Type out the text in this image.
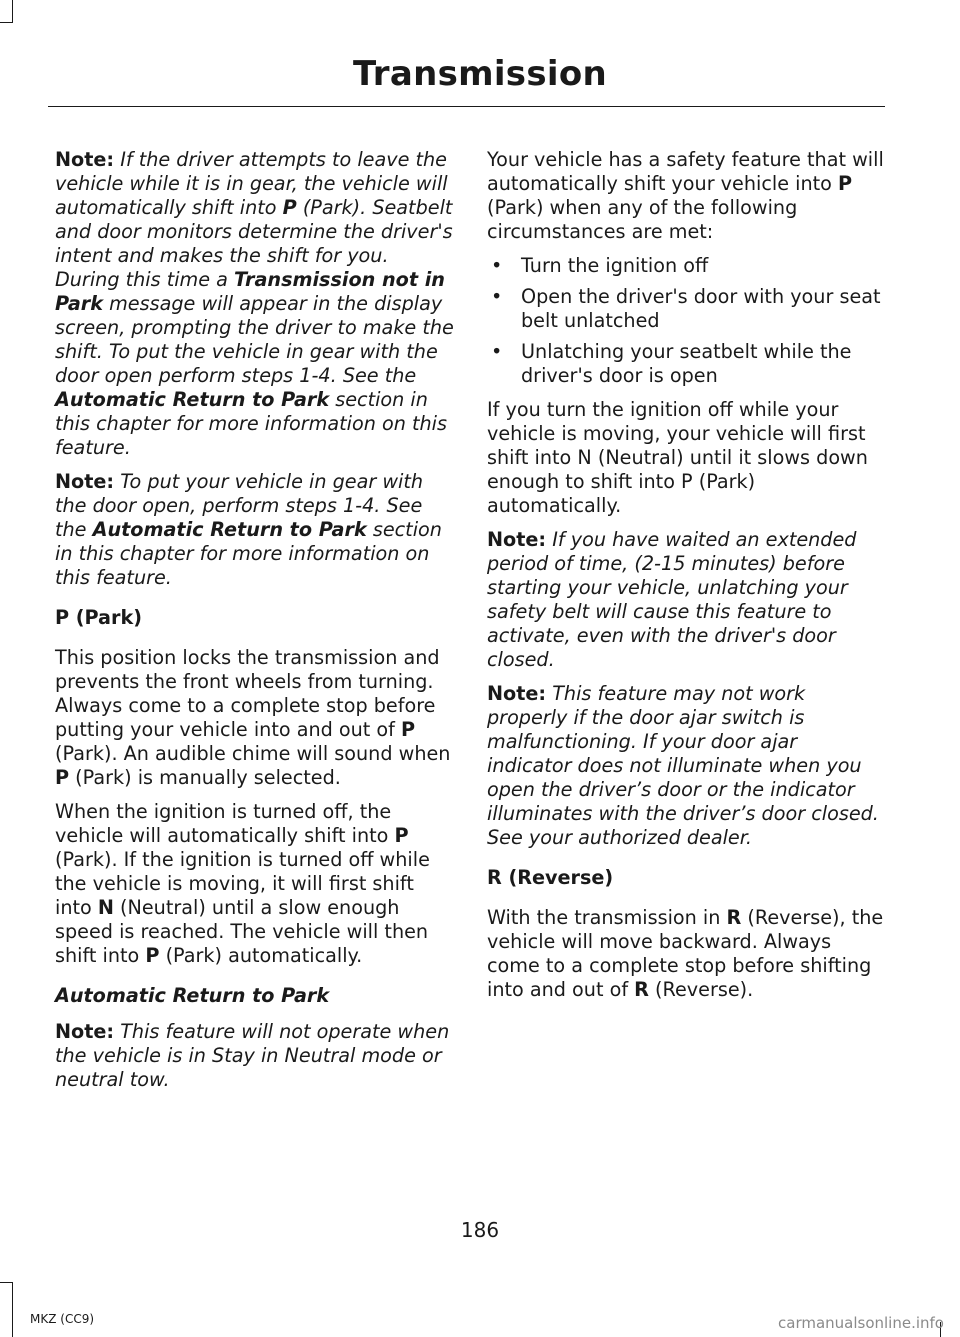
Transmission

Note: If the driver attempts to leave the vehicle while it is in gear, the vehicle will automatically shift into P (Park). Seatbelt and door monitors determine the driver's intent and makes the shift for you. During this time a Transmission not in Park message will appear in the display screen, prompting the driver to make the shift. To put the vehicle in gear with the door open perform steps 1-4. See the Automatic Return to Park section in this chapter for more information on this feature.

Note: To put your vehicle in gear with the door open, perform steps 1-4. See the Automatic Return to Park section in this chapter for more information on this feature.

P (Park)

This position locks the transmission and prevents the front wheels from turning. Always come to a complete stop before putting your vehicle into and out of P (Park). An audible chime will sound when P (Park) is manually selected.

When the ignition is turned off, the vehicle will automatically shift into P (Park). If the ignition is turned off while the vehicle is moving, it will first shift into N (Neutral) until a slow enough speed is reached. The vehicle will then shift into P (Park) automatically.

Automatic Return to Park

Note: This feature will not operate when the vehicle is in Stay in Neutral mode or neutral tow.

Your vehicle has a safety feature that will automatically shift your vehicle into P (Park) when any of the following circumstances are met:

• Turn the ignition off
• Open the driver's door with your seat belt unlatched
• Unlatching your seatbelt while the driver's door is open

If you turn the ignition off while your vehicle is moving, your vehicle will first shift into N (Neutral) until it slows down enough to shift into P (Park) automatically.

Note: If you have waited an extended period of time, (2-15 minutes) before starting your vehicle, unlatching your safety belt will cause this feature to activate, even with the driver's door closed.

Note: This feature may not work properly if the door ajar switch is malfunctioning. If your door ajar indicator does not illuminate when you open the driver’s door or the indicator illuminates with the driver’s door closed. See your authorized dealer.

R (Reverse)

With the transmission in R (Reverse), the vehicle will move backward. Always come to a complete stop before shifting into and out of R (Reverse).

186
MKZ (CC9)	carmanualsonline.info
